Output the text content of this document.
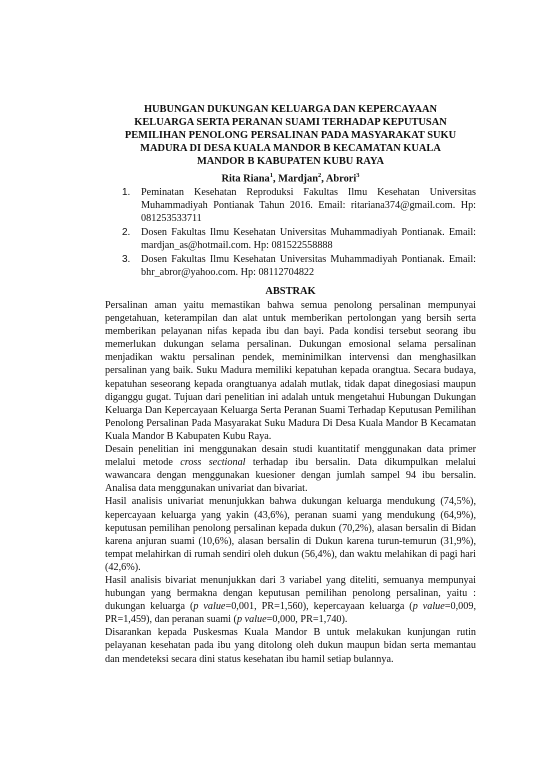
HUBUNGAN DUKUNGAN KELUARGA DAN KEPERCAYAAN
KELUARGA SERTA PERANAN SUAMI TERHADAP KEPUTUSAN
PEMILIHAN PENOLONG PERSALINAN PADA MASYARAKAT SUKU
MADURA DI DESA KUALA MANDOR B KECAMATAN KUALA
MANDOR B KABUPATEN KUBU RAYA
Rita Riana$^1$, Mardjan$^2$, Abrori$^3$
1. Peminatan Kesehatan Reproduksi Fakultas Ilmu Kesehatan Universitas Muhammadiyah Pontianak Tahun 2016. Email: ritariana374@gmail.com. Hp: 081253533711
2. Dosen Fakultas Ilmu Kesehatan Universitas Muhammadiyah Pontianak. Email: mardjan_as@hotmail.com. Hp: 081522558888
3. Dosen Fakultas Ilmu Kesehatan Universitas Muhammadiyah Pontianak. Email: bhr_abror@yahoo.com. Hp: 08112704822
ABSTRAK

Persalinan aman yaitu memastikan bahwa semua penolong persalinan mempunyai pengetahuan, keterampilan dan alat untuk memberikan pertolongan yang bersih serta memberikan pelayanan nifas kepada ibu dan bayi. Pada kondisi tersebut seorang ibu memerlukan dukungan selama persalinan. Dukungan emosional selama persalinan menjadikan waktu persalinan pendek, meminimilkan intervensi dan menghasilkan persalinan yang baik. Suku Madura memiliki kepatuhan kepada orangtua. Secara budaya, kepatuhan seseorang kepada orangtuanya adalah mutlak, tidak dapat dinegosiasi maupun diganggu gugat. Tujuan dari penelitian ini adalah untuk mengetahui Hubungan Dukungan Keluarga Dan Kepercayaan Keluarga Serta Peranan Suami Terhadap Keputusan Pemilihan Penolong Persalinan Pada Masyarakat Suku Madura Di Desa Kuala Mandor B Kecamatan Kuala Mandor B Kabupaten Kubu Raya.

Desain penelitian ini menggunakan desain studi kuantitatif menggunakan data primer melalui metode cross sectional terhadap ibu bersalin. Data dikumpulkan melalui wawancara dengan menggunakan kuesioner dengan jumlah sampel 94 ibu bersalin. Analisa data menggunakan univariat dan bivariat.

Hasil analisis univariat menunjukkan bahwa dukungan keluarga mendukung (74,5%), kepercayaan keluarga yang yakin (43,6%), peranan suami yang mendukung (64,9%), keputusan pemilihan penolong persalinan kepada dukun (70,2%), alasan bersalin di Bidan karena anjuran suami (10,6%), alasan bersalin di Dukun karena turun-temurun (31,9%), tempat melahirkan di rumah sendiri oleh dukun (56,4%), dan waktu melahikan di pagi hari (42,6%).

Hasil analisis bivariat menunjukkan dari 3 variabel yang diteliti, semuanya mempunyai hubungan yang bermakna dengan keputusan pemilihan penolong persalinan, yaitu : dukungan keluarga (p value=0,001, PR=1,560), kepercayaan keluarga (p value=0,009, PR=1,459), dan peranan suami (p value=0,000, PR=1,740).

Disarankan kepada Puskesmas Kuala Mandor B untuk melakukan kunjungan rutin pelayanan kesehatan pada ibu yang ditolong oleh dukun maupun bidan serta memantau dan mendeteksi secara dini status kesehatan ibu hamil setiap bulannya.
